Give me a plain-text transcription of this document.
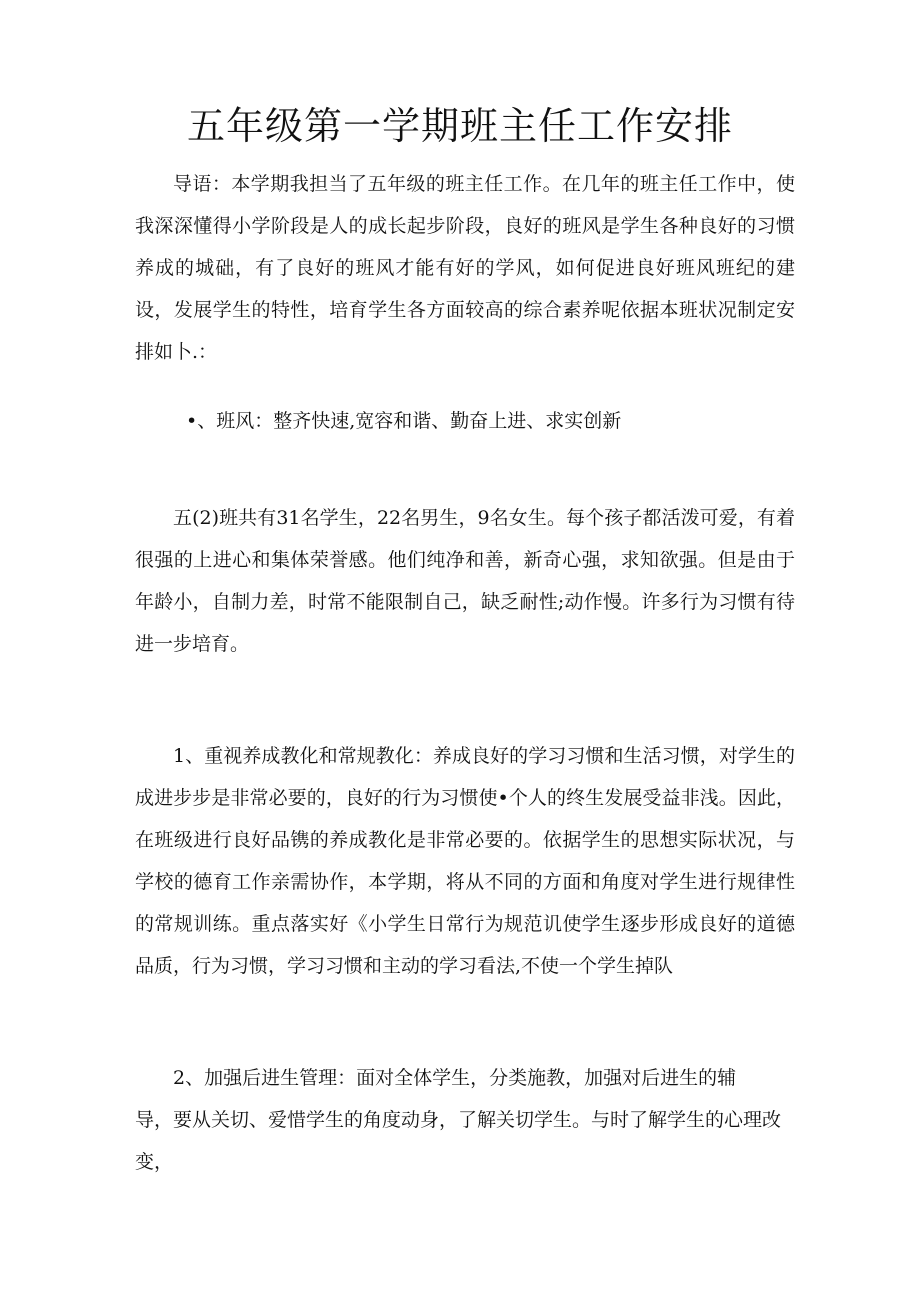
五年级第一学期班主任工作安排

导语：本学期我担当了五年级的班主任工作。在几年的班主任工作中，使我深深懂得小学阶段是人的成长起步阶段，良好的班风是学生各种良好的习惯养成的城础，有了良好的班风才能有好的学风，如何促进良好班风班纪的建设，发展学生的特性，培育学生各方面较高的综合素养呢依据本班状况制定安排如卜.：

•、班风：整齐快速,宽容和谐、勤奋上进、求实创新

五(2)班共有31名学生，22名男生，9名女生。每个孩子都活泼可爱，有着很强的上进心和集体荣誉感。他们纯净和善，新奇心强，求知欲强。但是由于年龄小，自制力差，时常不能限制自己，缺乏耐性;动作慢。许多行为习惯有待进一步培育。

1、重视养成教化和常规教化：养成良好的学习习惯和生活习惯，对学生的成进步步是非常必要的，良好的行为习惯使•个人的终生发展受益非浅。因此，在班级进行良好品镌的养成教化是非常必要的。依据学生的思想实际状况，与学校的德育工作亲需协作，本学期，将从不同的方面和角度对学生进行规律性的常规训练。重点落实好《小学生日常行为规范讥使学生逐步形成良好的道德品质，行为习惯，学习习惯和主动的学习看法,不使一个学生掉队

2、加强后进生管理：面对全体学生，分类施教，加强对后进生的辅

导，要从关切、爱惜学生的角度动身，了解关切学生。与时了解学生的心理改变，
